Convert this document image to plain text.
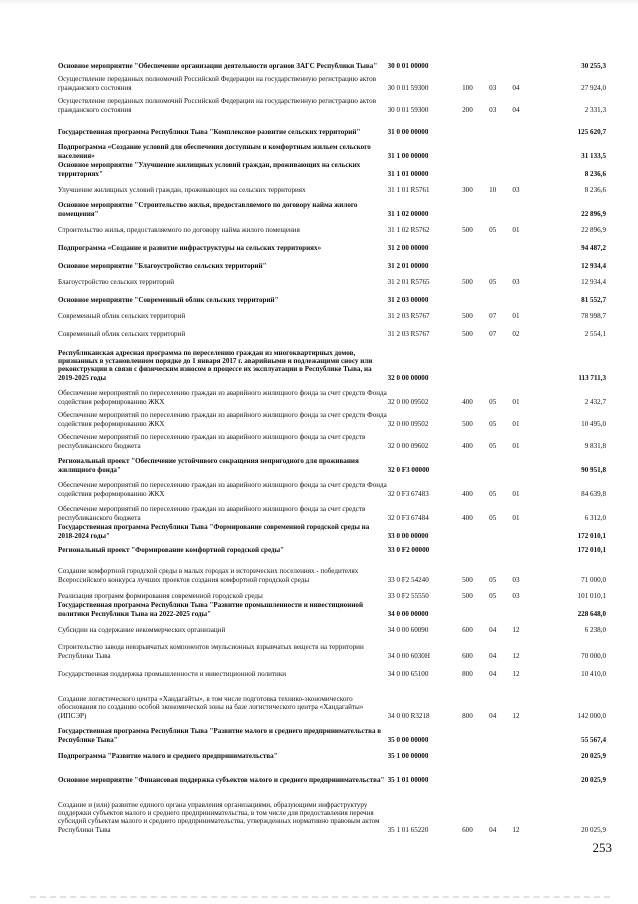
Основное мероприятие "Обеспечение организации деятельности органов ЗАГС Республики Тыва"	30 0 01 00000				30 255,3
Осуществление переданных полномочий Российской Федерации на государственную регистрацию актов гражданского состояния	30 0 01 59300	100	03	04	27 924,0
Осуществление переданных полномочий Российской Федерации на государственную регистрацию актов гражданского состояния	30 0 01 59300	200	03	04	2 331,3
Государственная программа Республики Тыва "Комплексное развитие сельских территорий"	31 0 00 00000				125 620,7
Подпрограмма «Создание условий для обеспечения доступным и комфортным жильем сельского населения»	31 1 00 00000				31 133,5
Основное мероприятие "Улучшение жилищных условий граждан, проживающих на сельских территориях"	31 1 01 00000				8 236,6
Улучшение жилищных условий граждан, проживающих на сельских территориях	31 1 01 R5761	300	10	03	8 236,6
Основное мероприятие "Строительство жилья, предоставляемого по договору найма жилого помещения"	31 1 02 00000				22 896,9
Строительство жилья, предоставляемого по договору найма жилого помещения	31 1 02 R5762	500	05	01	22 896,9
Подпрограмма «Создание и развитие инфраструктуры на сельских территориях»	31 2 00 00000				94 487,2
Основное мероприятие "Благоустройство сельских территорий"	31 2 01 00000				12 934,4
Благоустройство сельских территорий	31 2 01 R5765	500	05	03	12 934,4
Основное мероприятие "Современный облик сельских территорий"	31 2 03 00000				81 552,7
Современный облик сельских территорий	31 2 03 R5767	500	07	01	78 998,7
Современный облик сельских территорий	31 2 03 R5767	500	07	02	2 554,1
Республиканская адресная программа по переселению граждан из многоквартирных домов, признанных в установленном порядке до 1 января 2017 г. аварийными и подлежащими сносу или реконструкции в связи с физическим износом в процессе их эксплуатации в Республике Тыва, на 2019-2025 годы	32 0 00 00000				113 711,3
Обеспечение мероприятий по переселению граждан из аварийного жилищного фонда за счет средств Фонда содействия реформированию ЖКХ	32 0 00 09502	400	05	01	2 432,7
Обеспечение мероприятий по переселению граждан из аварийного жилищного фонда за счет средств Фонда содействия реформированию ЖКХ	32 0 00 09502	500	05	01	10 495,0
Обеспечение мероприятий по переселению граждан из аварийного жилищного фонда за счет средств республиканского бюджета	32 0 00 09602	400	05	01	9 831,8
Региональный проект "Обеспечение устойчивого сокращения непригодного для проживания жилищного фонда"	32 0 F3 00000				90 951,8
Обеспечение мероприятий по переселению граждан из аварийного жилищного фонда за счет средств Фонда содействия реформированию ЖКХ	32 0 F3 67483	400	05	01	84 639,8
Обеспечение мероприятий по переселению граждан из аварийного жилищного фонда за счет средств республиканского бюджета	32 0 F3 67484	400	05	01	6 312,0
Государственная программа Республики Тыва "Формирование современной городской среды на 2018-2024 годы"	33 0 00 00000				172 010,1
Региональный проект "Формирование комфортной городской среды"	33 0 F2 00000				172 010,1
Создание комфортной городской среды в малых городах и исторических поселениях - победителях Всероссийского конкурса лучших проектов создания комфортной городской среды	33 0 F2 54240	500	05	03	71 000,0
Реализация программ формирования современной городской среды	33 0 F2 55550	500	05	03	101 010,1
Государственная программа Республики Тыва "Развитие промышленности и инвестиционной политики Республики Тыва на 2022-2025 годы"	34 0 00 00000				228 648,0
Субсидии на содержание некоммерческих организаций	34 0 00 60090	600	04	12	6 238,0
Строительство завода невзрывчатых компонентов эмульсионных взрывчатых веществ на территории Республики Тыва	34 0 00 6030Н	600	04	12	70 000,0
Государственная поддержка промышленности и инвестиционной политики	34 0 00 65100	800	04	12	10 410,0
Создание логистического центра «Хандагайты», в том числе подготовка технико-экономического обоснования по созданию особой экономической зоны на базе логистического центра «Хандагайты» (ИПСЭР)	34 0 00 R3218	800	04	12	142 000,0
Государственная программа Республики Тыва "Развитие малого и среднего предпринимательства в Республике Тыва"	35 0 00 00000				55 567,4
Подпрограмма "Развитие малого и среднего предпринимательства"	35 1 00 00000				20 025,9
Основное мероприятие "Финансовая поддержка субъектов малого и среднего предпринимательства"	35 1 01 00000				20 025,9
Создание и (или) развитие единого органа управления организациями, образующими инфраструктуру поддержки субъектов малого и среднего предпринимательства, в том числе для предоставления перечня субсидий субъектам малого и среднего предпринимательства, утвержденных нормативно правовым актом Республики Тыва	35 1 01 65220	600	04	12	20 025,9
253
